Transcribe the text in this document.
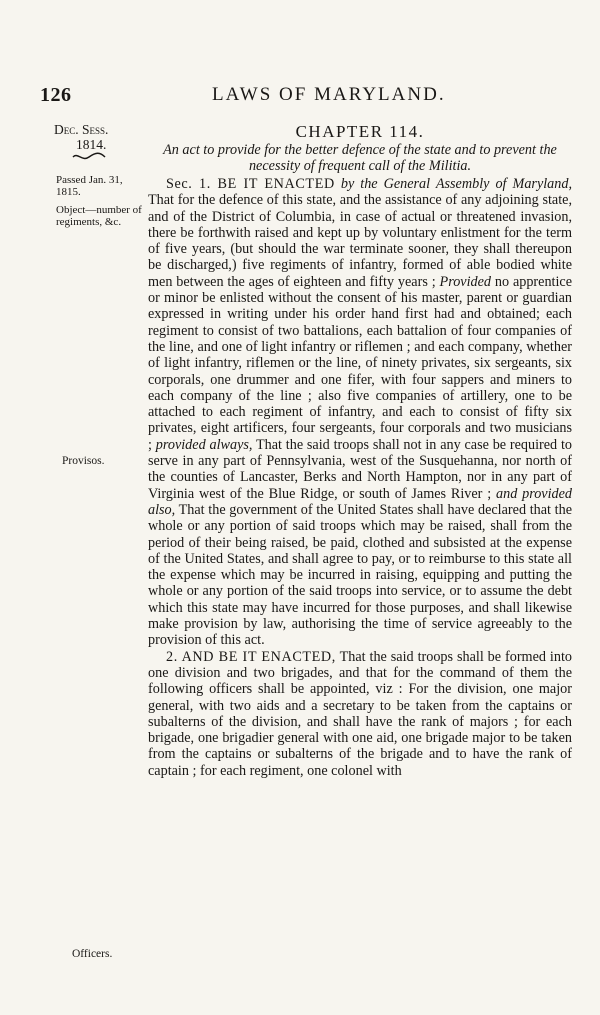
126	LAWS OF MARYLAND.
Dec. Sess.
1814.
Passed Jan. 31, 1815.
Object—number of regiments, &c.
Provisos.
Officers.
CHAPTER 114.
An act to provide for the better defence of the state and to prevent the necessity of frequent call of the Militia.

Sec. 1. BE IT ENACTED by the General Assembly of Maryland, That for the defence of this state, and the assistance of any adjoining state, and of the District of Columbia, in case of actual or threatened invasion, there be forthwith raised and kept up by voluntary enlistment for the term of five years, (but should the war terminate sooner, they shall thereupon be discharged,) five regiments of infantry, formed of able bodied white men between the ages of eighteen and fifty years ; Provided no apprentice or minor be enlisted without the consent of his master, parent or guardian expressed in writing under his order hand first had and obtained; each regiment to consist of two battalions, each battalion of four companies of the line, and one of light infantry or riflemen ; and each company, whether of light infantry, riflemen or the line, of ninety privates, six sergeants, six corporals, one drummer and one fifer, with four sappers and miners to each company of the line ; also five companies of artillery, one to be attached to each regiment of infantry, and each to consist of fifty six privates, eight artificers, four sergeants, four corporals and two musicians ; provided always, That the said troops shall not in any case be required to serve in any part of Pennsylvania, west of the Susquehanna, nor north of the counties of Lancaster, Berks and North Hampton, nor in any part of Virginia west of the Blue Ridge, or south of James River ; and provided also, That the government of the United States shall have declared that the whole or any portion of said troops which may be raised, shall from the period of their being raised, be paid, clothed and subsisted at the expense of the United States, and shall agree to pay, or to reimburse to this state all the expense which may be incurred in raising, equipping and putting the whole or any portion of the said troops into service, or to assume the debt which this state may have incurred for those purposes, and shall likewise make provision by law, authorising the time of service agreeably to the provision of this act.

2. AND BE IT ENACTED, That the said troops shall be formed into one division and two brigades, and that for the command of them the following officers shall be appointed, viz : For the division, one major general, with two aids and a secretary to be taken from the captains or subalterns of the division, and shall have the rank of majors ; for each brigade, one brigadier general with one aid, one brigade major to be taken from the captains or subalterns of the brigade and to have the rank of captain ; for each regiment, one colonel with
